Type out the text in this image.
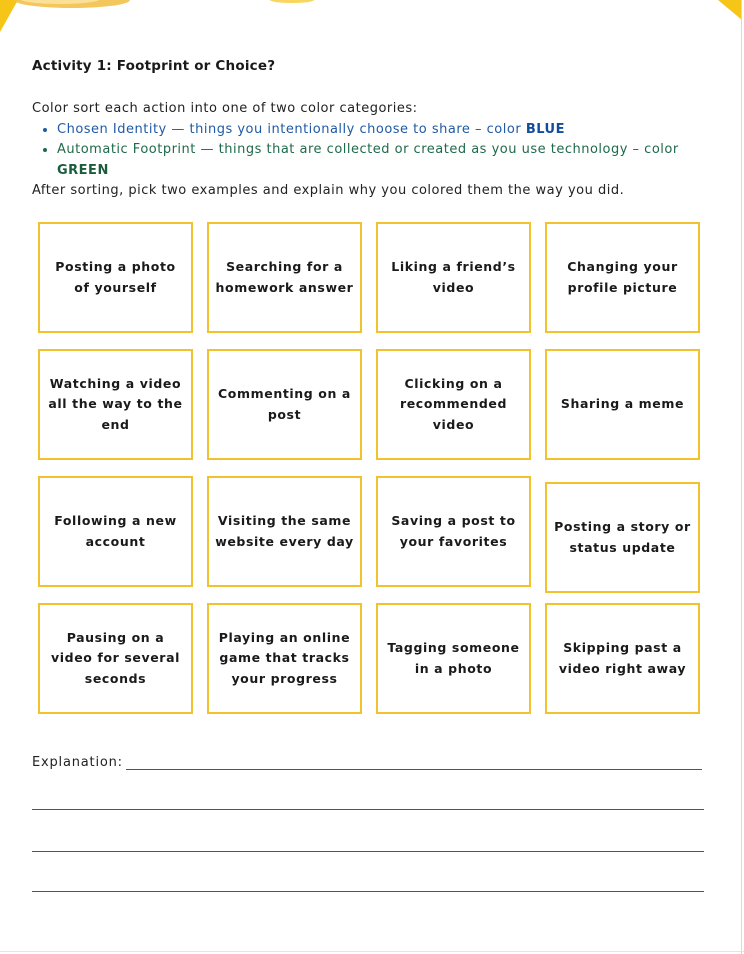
Activity 1: Footprint or Choice?

Color sort each action into one of two color categories:

• Chosen Identity — things you intentionally choose to share – color BLUE
• Automatic Footprint — things that are collected or created as you use technology – color GREEN

After sorting, pick two examples and explain why you colored them the way you did.

Posting a photo of yourself
Searching for a homework answer
Liking a friend’s video
Changing your profile picture
Watching a video all the way to the end
Commenting on a post
Clicking on a recommended video
Sharing a meme
Following a new account
Visiting the same website every day
Saving a post to your favorites
Posting a story or status update
Pausing on a video for several seconds
Playing an online game that tracks your progress
Tagging someone in a photo
Skipping past a video right away
Explanation:
